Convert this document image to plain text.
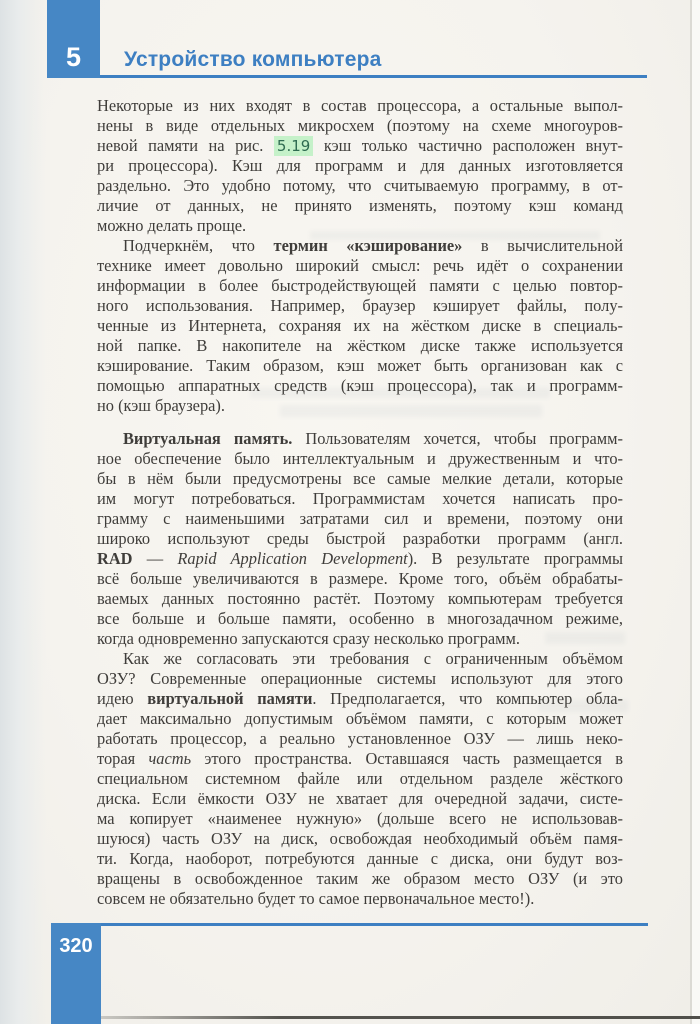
5 Устройство компьютера
Некоторые из них входят в состав процессора, а остальные выпол-
нены в виде отдельных микросхем (поэтому на схеме многоуров-
невой памяти на рис. 5.19 кэш только частично расположен внут-
ри процессора). Кэш для программ и для данных изготовляется
раздельно. Это удобно потому, что считываемую программу, в от-
личие от данных, не принято изменять, поэтому кэш команд
можно делать проще.
Подчеркнём, что термин «кэширование» в вычислительной
технике имеет довольно широкий смысл: речь идёт о сохранении
информации в более быстродействующей памяти с целью повтор-
ного использования. Например, браузер кэширует файлы, полу-
ченные из Интернета, сохраняя их на жёстком диске в специаль-
ной папке. В накопителе на жёстком диске также используется
кэширование. Таким образом, кэш может быть организован как с
помощью аппаратных средств (кэш процессора), так и программ-
но (кэш браузера).
Виртуальная память. Пользователям хочется, чтобы программ-
ное обеспечение было интеллектуальным и дружественным и что-
бы в нём были предусмотрены все самые мелкие детали, которые
им могут потребоваться. Программистам хочется написать про-
грамму с наименьшими затратами сил и времени, поэтому они
широко используют среды быстрой разработки программ (англ.
RAD — Rapid Application Development). В результате программы
всё больше увеличиваются в размере. Кроме того, объём обрабаты-
ваемых данных постоянно растёт. Поэтому компьютерам требуется
все больше и больше памяти, особенно в многозадачном режиме,
когда одновременно запускаются сразу несколько программ.
Как же согласовать эти требования с ограниченным объёмом
ОЗУ? Современные операционные системы используют для этого
идею виртуальной памяти. Предполагается, что компьютер обла-
дает максимально допустимым объёмом памяти, с которым может
работать процессор, а реально установленное ОЗУ — лишь неко-
торая часть этого пространства. Оставшаяся часть размещается в
специальном системном файле или отдельном разделе жёсткого
диска. Если ёмкости ОЗУ не хватает для очередной задачи, систе-
ма копирует «наименее нужную» (дольше всего не использовав-
шуюся) часть ОЗУ на диск, освобождая необходимый объём памя-
ти. Когда, наоборот, потребуются данные с диска, они будут воз-
вращены в освобожденное таким же образом место ОЗУ (и это
совсем не обязательно будет то самое первоначальное место!).
320
